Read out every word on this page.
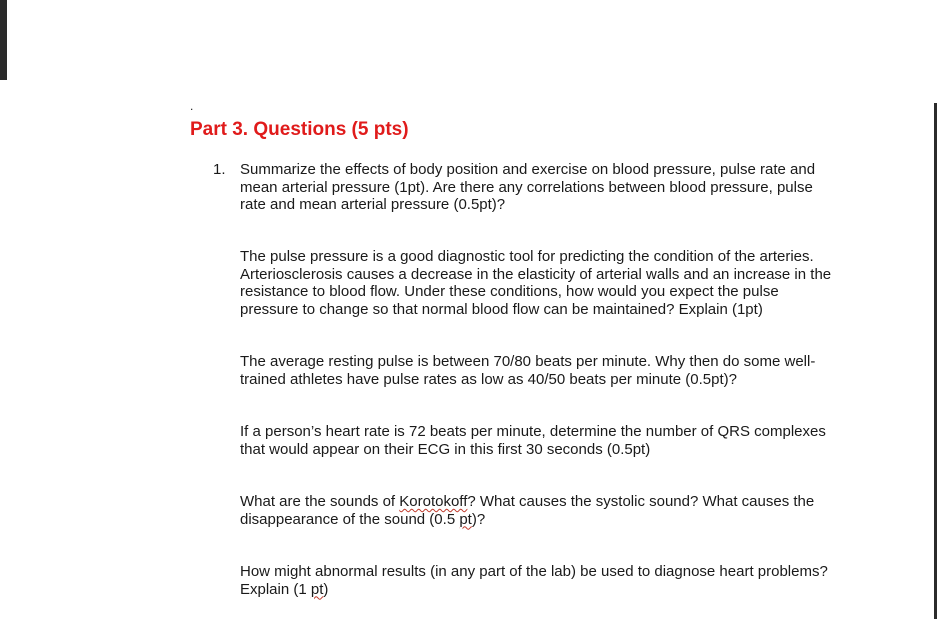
.
Part 3. Questions (5 pts)
1. Summarize the effects of body position and exercise on blood pressure, pulse rate and mean arterial pressure (1pt). Are there any correlations between blood pressure, pulse rate and mean arterial pressure (0.5pt)?

The pulse pressure is a good diagnostic tool for predicting the condition of the arteries. Arteriosclerosis causes a decrease in the elasticity of arterial walls and an increase in the resistance to blood flow. Under these conditions, how would you expect the pulse pressure to change so that normal blood flow can be maintained? Explain (1pt)

The average resting pulse is between 70/80 beats per minute. Why then do some well-trained athletes have pulse rates as low as 40/50 beats per minute (0.5pt)?

If a person’s heart rate is 72 beats per minute, determine the number of QRS complexes that would appear on their ECG in this first 30 seconds (0.5pt)

What are the sounds of Korotokoff? What causes the systolic sound? What causes the disappearance of the sound (0.5 pt)?

How might abnormal results (in any part of the lab) be used to diagnose heart problems? Explain (1 pt)
